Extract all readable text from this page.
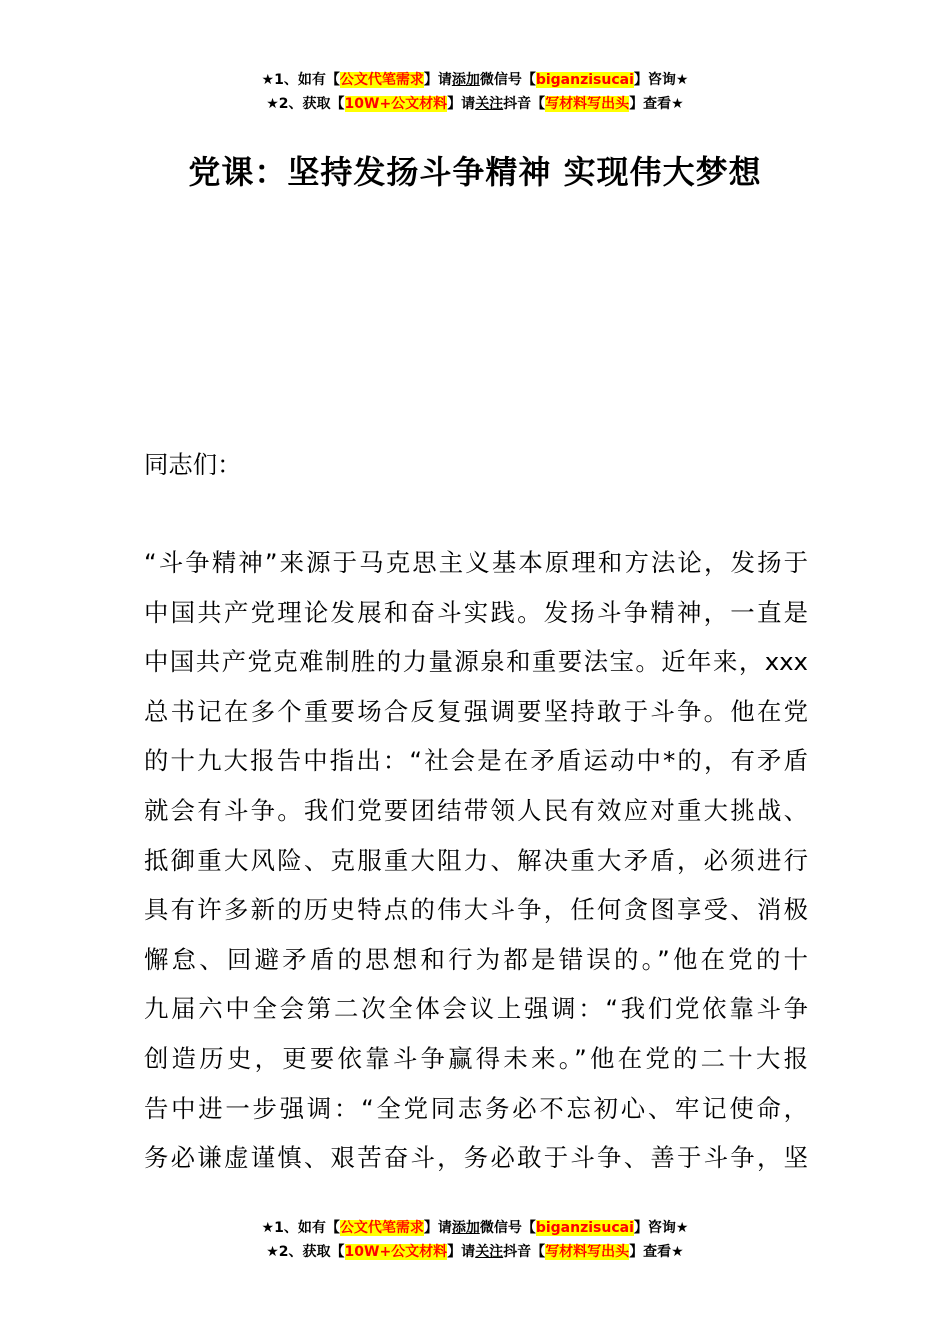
★1、如有【公文代笔需求】请添加微信号【biganzisucai】咨询★
★2、获取【10W+公文材料】请关注抖音【写材料写出头】查看★
党课：坚持发扬斗争精神 实现伟大梦想
同志们：
“斗争精神”来源于马克思主义基本原理和方法论，发扬于
中国共产党理论发展和奋斗实践。发扬斗争精神，一直是
中国共产党克难制胜的力量源泉和重要法宝。近年来，xxx
总书记在多个重要场合反复强调要坚持敢于斗争。他在党
的十九大报告中指出：“社会是在矛盾运动中*的，有矛盾
就会有斗争。我们党要团结带领人民有效应对重大挑战、
抵御重大风险、克服重大阻力、解决重大矛盾，必须进行
具有许多新的历史特点的伟大斗争，任何贪图享受、消极
懈怠、回避矛盾的思想和行为都是错误的。”他在党的十
九届六中全会第二次全体会议上强调：“我们党依靠斗争
创造历史，更要依靠斗争赢得未来。”他在党的二十大报
告中进一步强调：“全党同志务必不忘初心、牢记使命，
务必谦虚谨慎、艰苦奋斗，务必敢于斗争、善于斗争，坚
★1、如有【公文代笔需求】请添加微信号【biganzisucai】咨询★
★2、获取【10W+公文材料】请关注抖音【写材料写出头】查看★
